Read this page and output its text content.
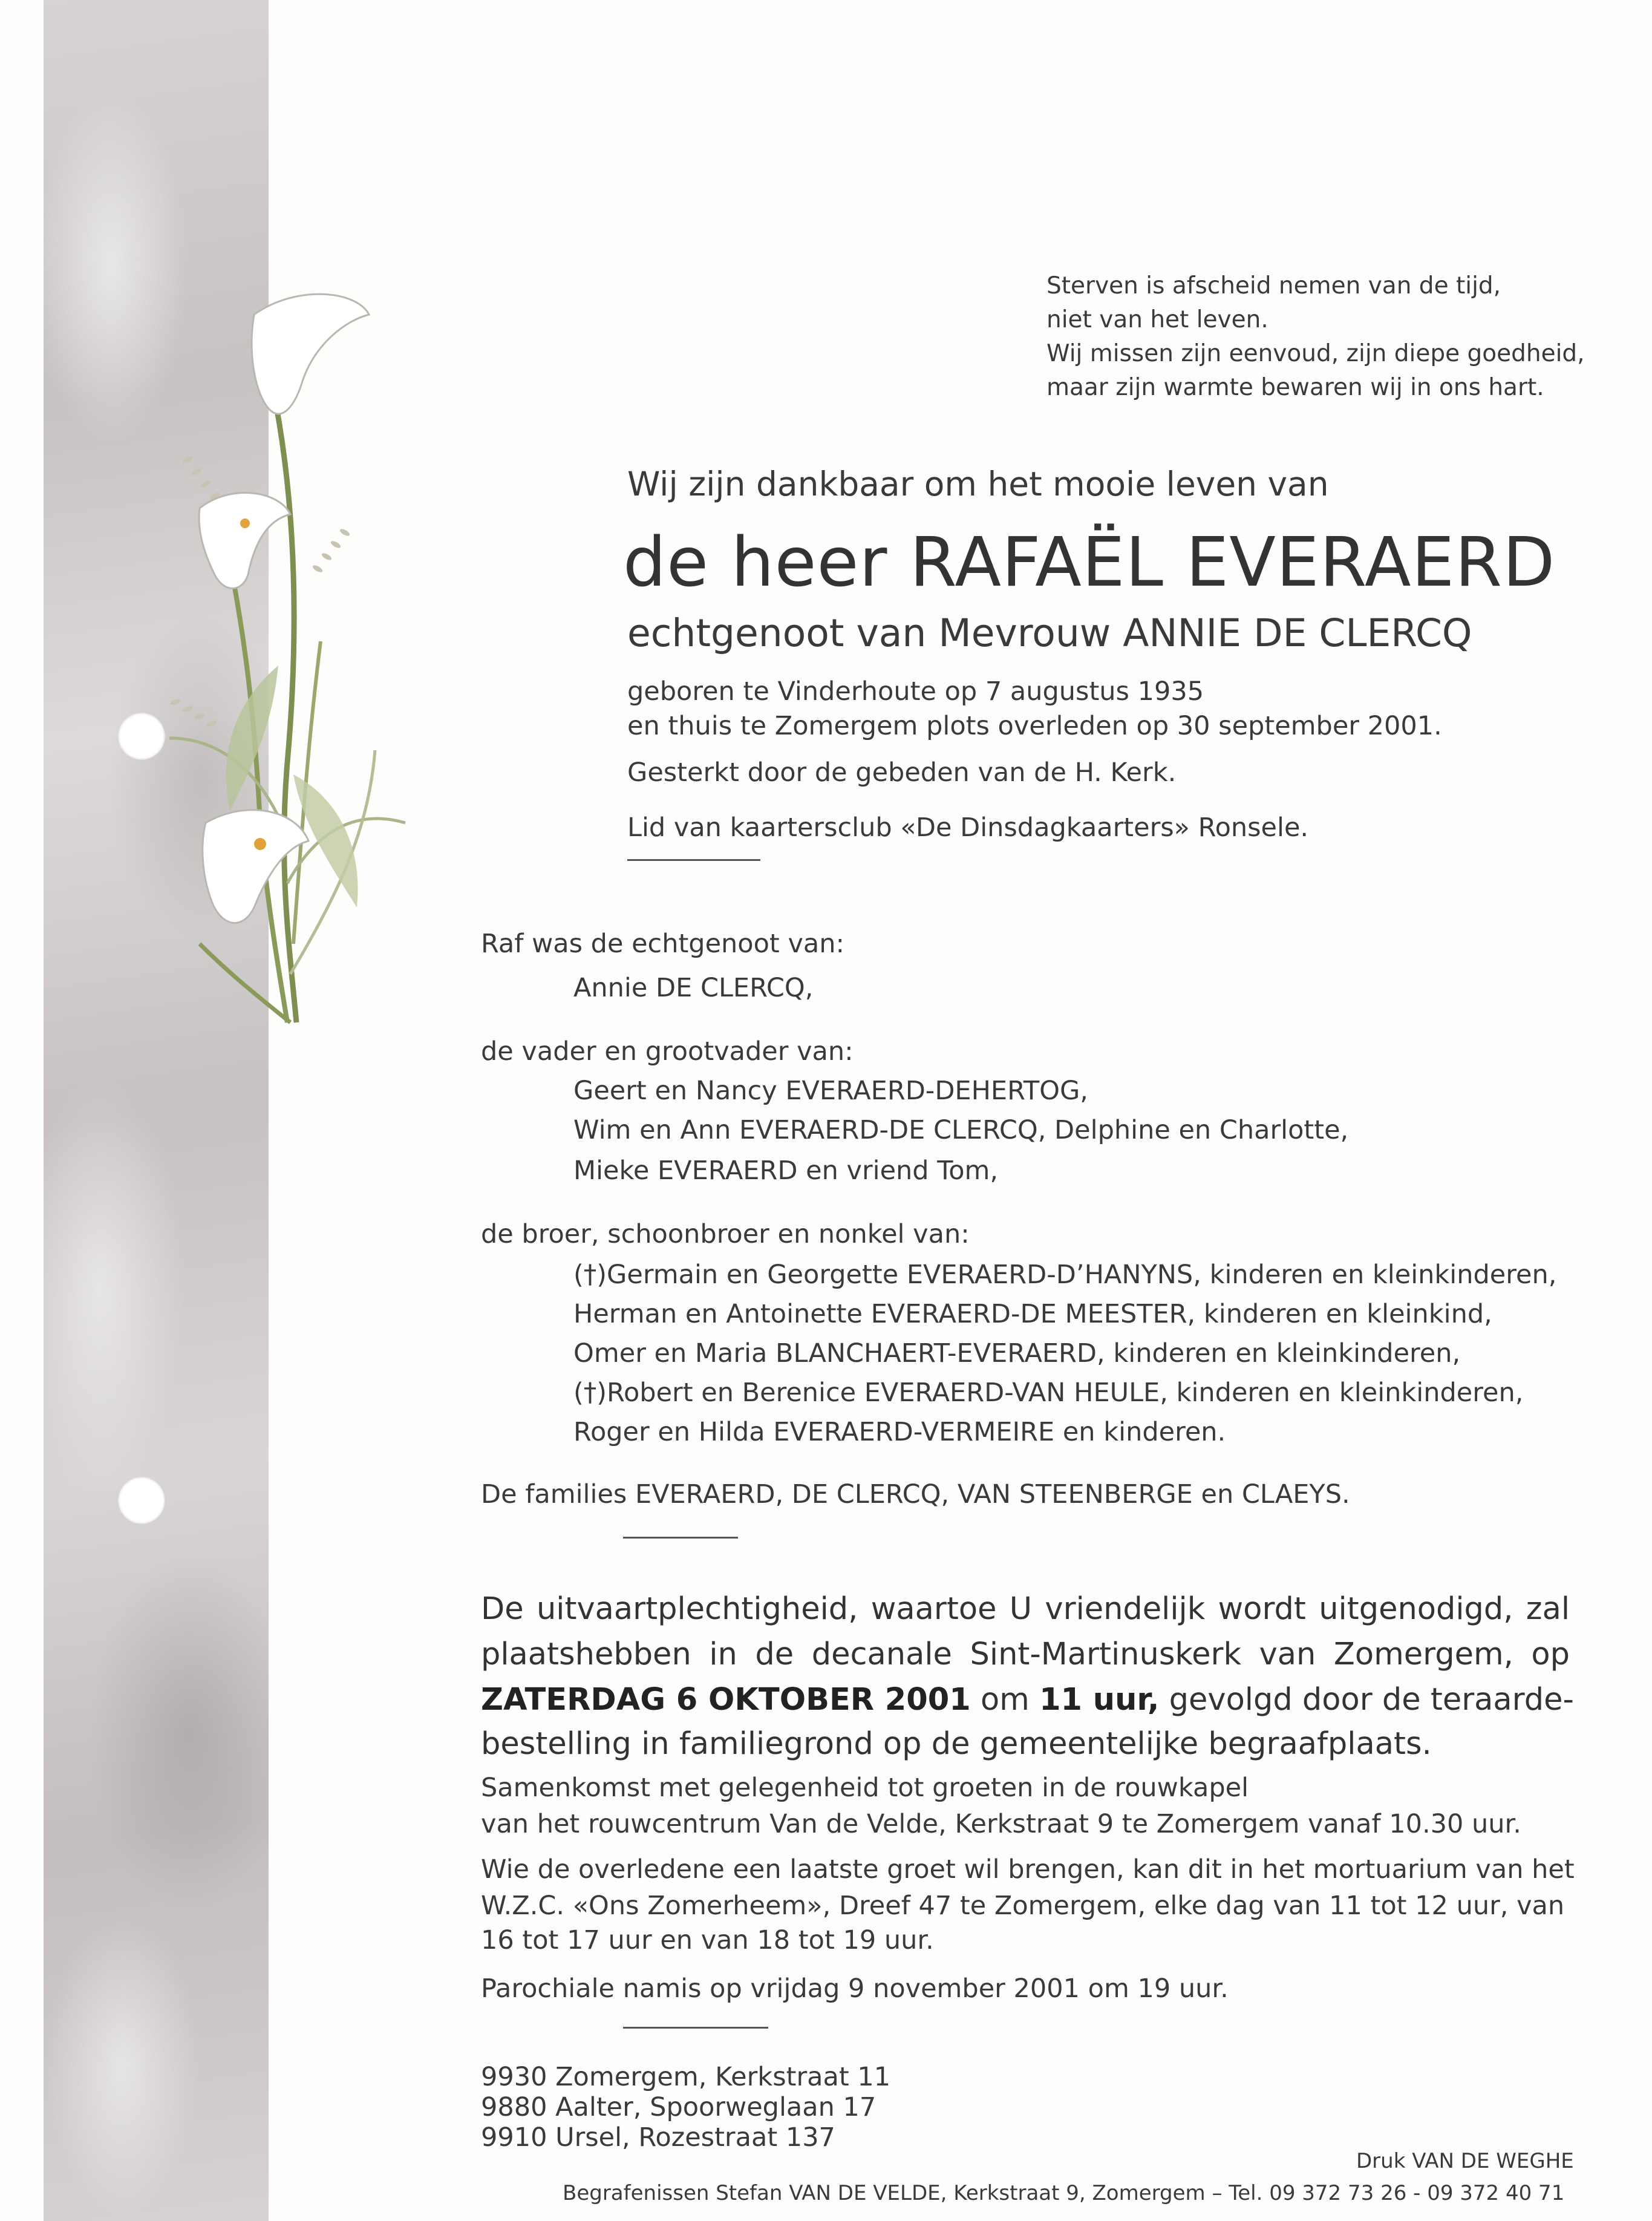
Sterven is afscheid nemen van de tijd,

niet van het leven.

Wij missen zijn eenvoud, zijn diepe goedheid,

maar zijn warmte bewaren wij in ons hart.

Wij zijn dankbaar om het mooie leven van

de heer RAFAËL EVERAERD

echtgenoot van Mevrouw ANNIE DE CLERCQ

geboren te Vinderhoute op 7 augustus 1935

en thuis te Zomergem plots overleden op 30 september 2001.

Gesterkt door de gebeden van de H. Kerk.

Lid van kaartersclub «De Dinsdagkaarters» Ronsele.

Raf was de echtgenoot van:

Annie DE CLERCQ,

de vader en grootvader van:

Geert en Nancy EVERAERD-DEHERTOG,

Wim en Ann EVERAERD-DE CLERCQ, Delphine en Charlotte,

Mieke EVERAERD en vriend Tom,

de broer, schoonbroer en nonkel van:

(†)Germain en Georgette EVERAERD-D’HANYNS, kinderen en kleinkinderen,

Herman en Antoinette EVERAERD-DE MEESTER, kinderen en kleinkind,

Omer en Maria BLANCHAERT-EVERAERD, kinderen en kleinkinderen,

(†)Robert en Berenice EVERAERD-VAN HEULE, kinderen en kleinkinderen,

Roger en Hilda EVERAERD-VERMEIRE en kinderen.

De families EVERAERD, DE CLERCQ, VAN STEENBERGE en CLAEYS.

De uitvaartplechtigheid, waartoe U vriendelijk wordt uitgenodigd, zal

plaatshebben in de decanale Sint-Martinuskerk van Zomergem, op

ZATERDAG 6 OKTOBER 2001 om 11 uur, gevolgd door de teraarde-

bestelling in familiegrond op de gemeentelijke begraafplaats.

Samenkomst met gelegenheid tot groeten in de rouwkapel

van het rouwcentrum Van de Velde, Kerkstraat 9 te Zomergem vanaf 10.30 uur.

Wie de overledene een laatste groet wil brengen, kan dit in het mortuarium van het

W.Z.C. «Ons Zomerheem», Dreef 47 te Zomergem, elke dag van 11 tot 12 uur, van

16 tot 17 uur en van 18 tot 19 uur.

Parochiale namis op vrijdag 9 november 2001 om 19 uur.

9930 Zomergem, Kerkstraat 11

9880 Aalter, Spoorweglaan 17

9910 Ursel, Rozestraat 137

Druk VAN DE WEGHE

Begrafenissen Stefan VAN DE VELDE, Kerkstraat 9, Zomergem – Tel. 09 372 73 26 - 09 372 40 71
